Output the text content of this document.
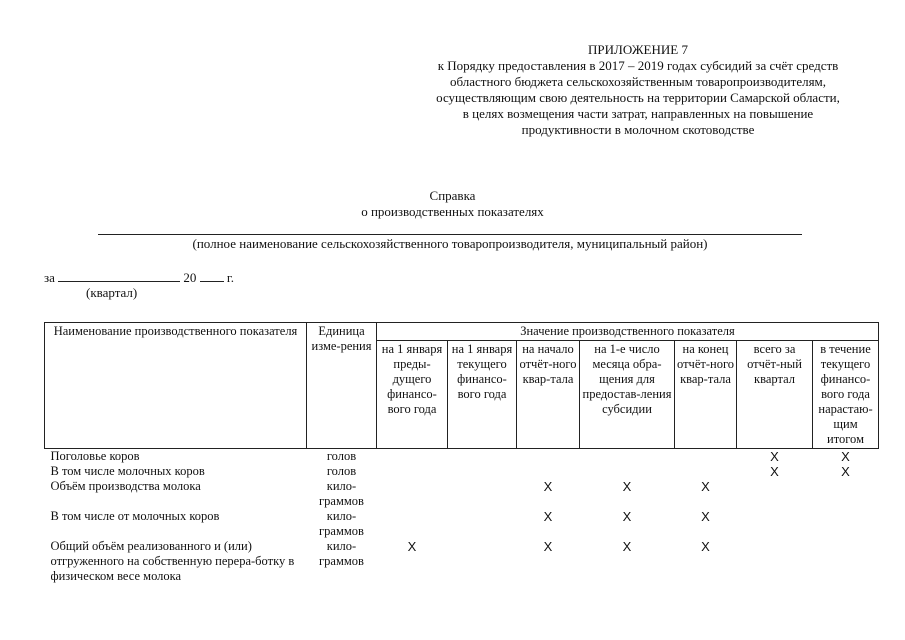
ПРИЛОЖЕНИЕ 7
к Порядку предоставления в 2017 – 2019 годах субсидий за счёт средств
областного бюджета сельскохозяйственным товаропроизводителям,
осуществляющим свою деятельность на территории Самарской области,
в целях возмещения части затрат, направленных на повышение
продуктивности в молочном скотоводстве
Справка
о производственных показателях
(полное наименование сельскохозяйственного товаропроизводителя, муниципальный район)
за	20 г.
(квартал)
Наименование производственного показателя	Единица изме-рения	Значение производственного показателя						
		на 1 января преды-дущего финансо-вого года	на 1 января текущего финансо-вого года	на начало отчёт-ного квар-тала	на 1-е число месяца обра-щения для предостав-ления субсидии	на конец отчёт-ного квар-тала	всего за отчёт-ный квартал	в течение текущего финансо-вого года нарастаю-щим итогом
Поголовье коров	голов						X	X
В том числе молочных коров	голов						X	X
Объём производства молока	кило-граммов			X	X	X		
В том числе от молочных коров	кило-граммов			X	X	X		
Общий объём реализованного и (или) отгруженного на собственную перера-ботку в физическом весе молока	кило-граммов	X		X	X	X		
